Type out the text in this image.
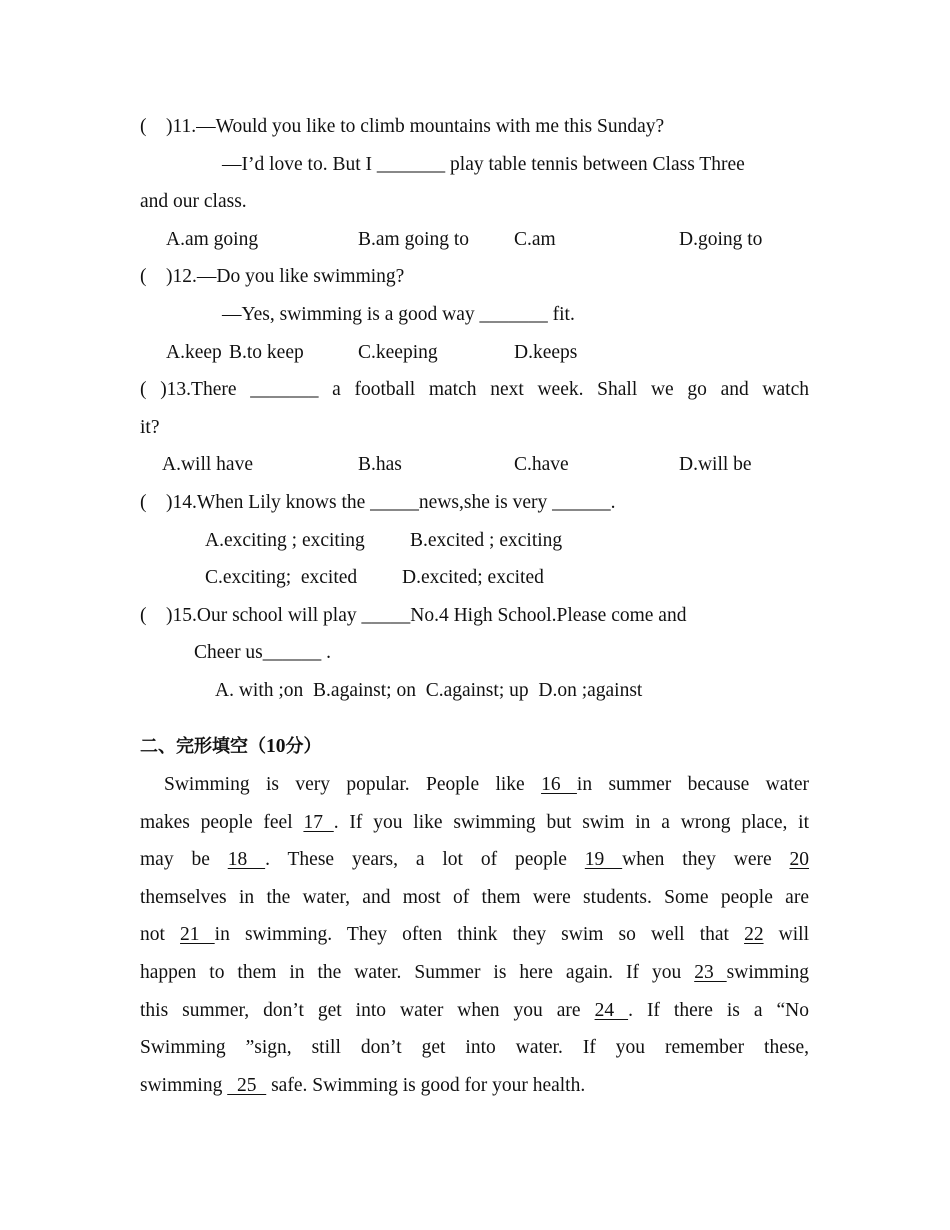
(    )11.—Would you like to climb mountains with me this Sunday?
—I’d love to. But I _______ play table tennis between Class Three
and our class.

A.am going

	B.am going to

C.am

	D.going to

(    )12.—Do you like swimming?
—Yes, swimming is a good way _______ fit.

A.keep

B.to keep

	C.keeping

	D.keeps

( )13.There _______ a football match next week. Shall we go and watch
it?

A.will have

	B.has

	C.have

	D.will be

(    )14.When Lily knows the _____news,she is very ______.

A.exciting ; exciting

B.excited ; exciting

C.exciting;  excited

D.excited; excited

(    )15.Our school will play _____No.4 High School.Please come and
Cheer us______ .
A. with ;on  B.against; on  C.against; up  D.on ;against
二、完形填空（10分）
Swimming is very popular. People like 16 in summer because water
makes people feel 17 . If you like swimming but swim in a wrong place, it
may be 18 . These years, a lot of people 19 when they were 20
themselves in the water, and most of them were students. Some people are
not 21 in swimming. They often think they swim so well that 22 will
happen to them in the water. Summer is here again. If you 23 swimming
this summer, don’t get into water when you are 24 . If there is a “No
Swimming ”sign, still don’t get into water. If you remember these,
swimming   25   safe. Swimming is good for your health.
